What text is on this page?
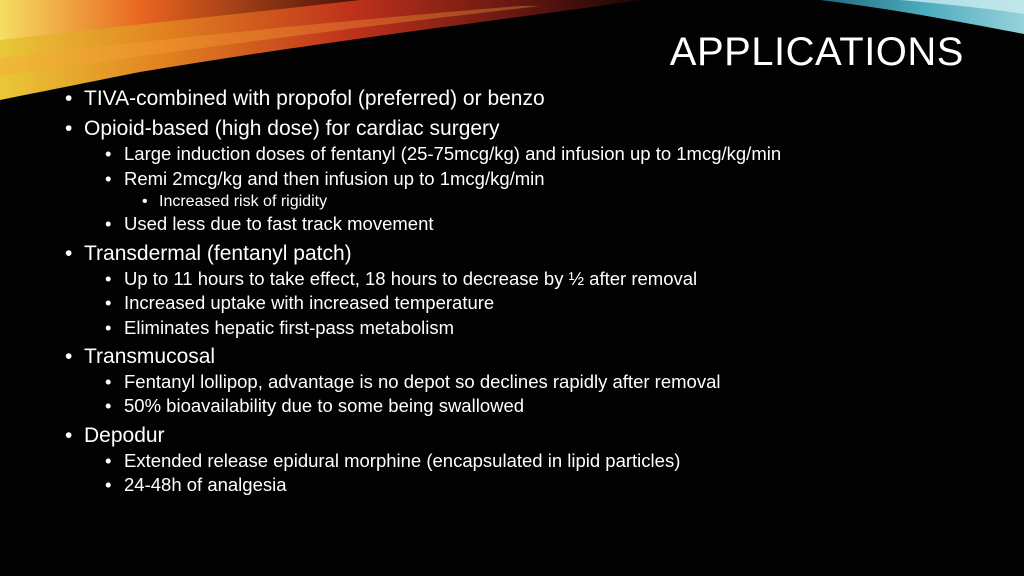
APPLICATIONS
• TIVA-combined with propofol (preferred) or benzo
• Opioid-based (high dose) for cardiac surgery
• Large induction doses of fentanyl (25-75mcg/kg) and infusion up to 1mcg/kg/min
• Remi 2mcg/kg and then infusion up to 1mcg/kg/min
• Increased risk of rigidity
• Used less due to fast track movement
• Transdermal (fentanyl patch)
• Up to 11 hours to take effect, 18 hours to decrease by ½ after removal
• Increased uptake with increased temperature
• Eliminates hepatic first-pass metabolism
• Transmucosal
• Fentanyl lollipop, advantage is no depot so declines rapidly after removal
• 50% bioavailability due to some being swallowed
• Depodur
• Extended release epidural morphine (encapsulated in lipid particles)
• 24-48h of analgesia
